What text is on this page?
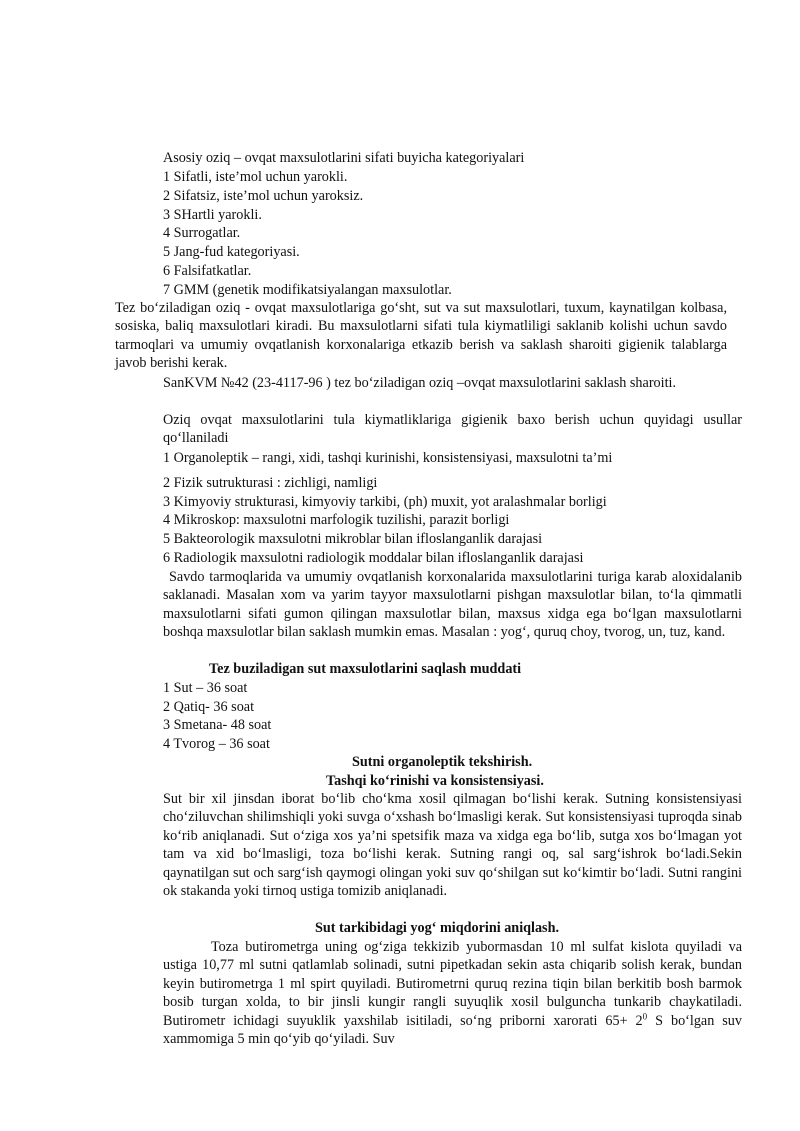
Asosiy oziq – ovqat maxsulotlarini sifati buyicha kategoriyalari

1 Sifatli, iste’mol uchun yarokli.

2 Sifatsiz, iste’mol uchun yaroksiz.

3 SHartli yarokli.

4 Surrogatlar.

5 Jang-fud kategoriyasi.

6 Falsifatkatlar.

7 GMM (genetik modifikatsiyalangan maxsulotlar.

Tez bo‘ziladigan oziq - ovqat maxsulotlariga go‘sht, sut va sut maxsulotlari, tuxum, kaynatilgan kolbasa, sosiska, baliq maxsulotlari kiradi. Bu maxsulotlarni sifati tula kiymatliligi saklanib kolishi uchun savdo tarmoqlari va umumiy ovqatlanish korxonalariga etkazib berish va saklash sharoiti gigienik talablarga javob berishi kerak.

SanKVM №42 (23-4117-96 ) tez bo‘ziladigan oziq –ovqat maxsulotlarini saklash sharoiti.

Oziq ovqat maxsulotlarini tula kiymatliklariga gigienik baxo berish uchun quyidagi usullar qo‘llaniladi

1 Organoleptik – rangi, xidi, tashqi kurinishi, konsistensiyasi, maxsulotni ta’mi

2 Fizik sutrukturasi : zichligi, namligi

3 Kimyoviy strukturasi, kimyoviy tarkibi, (ph) muxit, yot aralashmalar borligi

4 Mikroskop: maxsulotni marfologik tuzilishi, parazit borligi

5 Bakteorologik maxsulotni mikroblar bilan ifloslanganlik darajasi

6 Radiologik maxsulotni radiologik moddalar bilan ifloslanganlik darajasi

Savdo tarmoqlarida va umumiy ovqatlanish korxonalarida maxsulotlarini turiga karab aloxidalanib saklanadi. Masalan xom va yarim tayyor maxsulotlarni pishgan maxsulotlar bilan, to‘la qimmatli maxsulotlarni sifati gumon qilingan maxsulotlar bilan, maxsus xidga ega bo‘lgan maxsulotlarni boshqa maxsulotlar bilan saklash mumkin emas. Masalan : yog‘, quruq choy, tvorog, un, tuz, kand.

Tez buziladigan sut maxsulotlarini saqlash muddati

1 Sut – 36 soat

2 Qatiq- 36 soat

3 Smetana- 48 soat

4 Tvorog – 36 soat

Sutni organoleptik tekshirish.

Tashqi ko‘rinishi va konsistensiyasi.

Sut bir xil jinsdan iborat bo‘lib cho‘kma xosil qilmagan bo‘lishi kerak. Sutning konsistensiyasi cho‘ziluvchan shilimshiqli yoki suvga o‘xshash bo‘lmasligi kerak. Sut konsistensiyasi tuproqda sinab ko‘rib aniqlanadi. Sut o‘ziga xos ya’ni spetsifik maza va xidga ega bo‘lib, sutga xos bo‘lmagan yot tam va xid bo‘lmasligi, toza bo‘lishi kerak. Sutning rangi oq, sal sarg‘ishrok bo‘ladi.Sekin qaynatilgan sut och sarg‘ish qaymogi olingan yoki suv qo‘shilgan sut ko‘kimtir bo‘ladi. Sutni rangini ok stakanda yoki tirnoq ustiga tomizib aniqlanadi.

Sut tarkibidagi yog‘ miqdorini aniqlash.

Toza butirometrga uning og‘ziga tekkizib yubormasdan 10 ml sulfat kislota quyiladi va ustiga 10,77 ml sutni qatlamlab solinadi, sutni pipetkadan sekin asta chiqarib solish kerak, bundan keyin butirometrga 1 ml spirt quyiladi. Butirometrni quruq rezina tiqin bilan berkitib bosh barmok bosib turgan xolda, to bir jinsli kungir rangli suyuqlik xosil bulguncha tunkarib chaykatiladi. Butirometr ichidagi suyuklik yaxshilab isitiladi, so‘ng priborni xarorati $65+ 2^0$ S bo‘lgan suv xammomiga 5 min qo‘yib qo‘yiladi. Suv
